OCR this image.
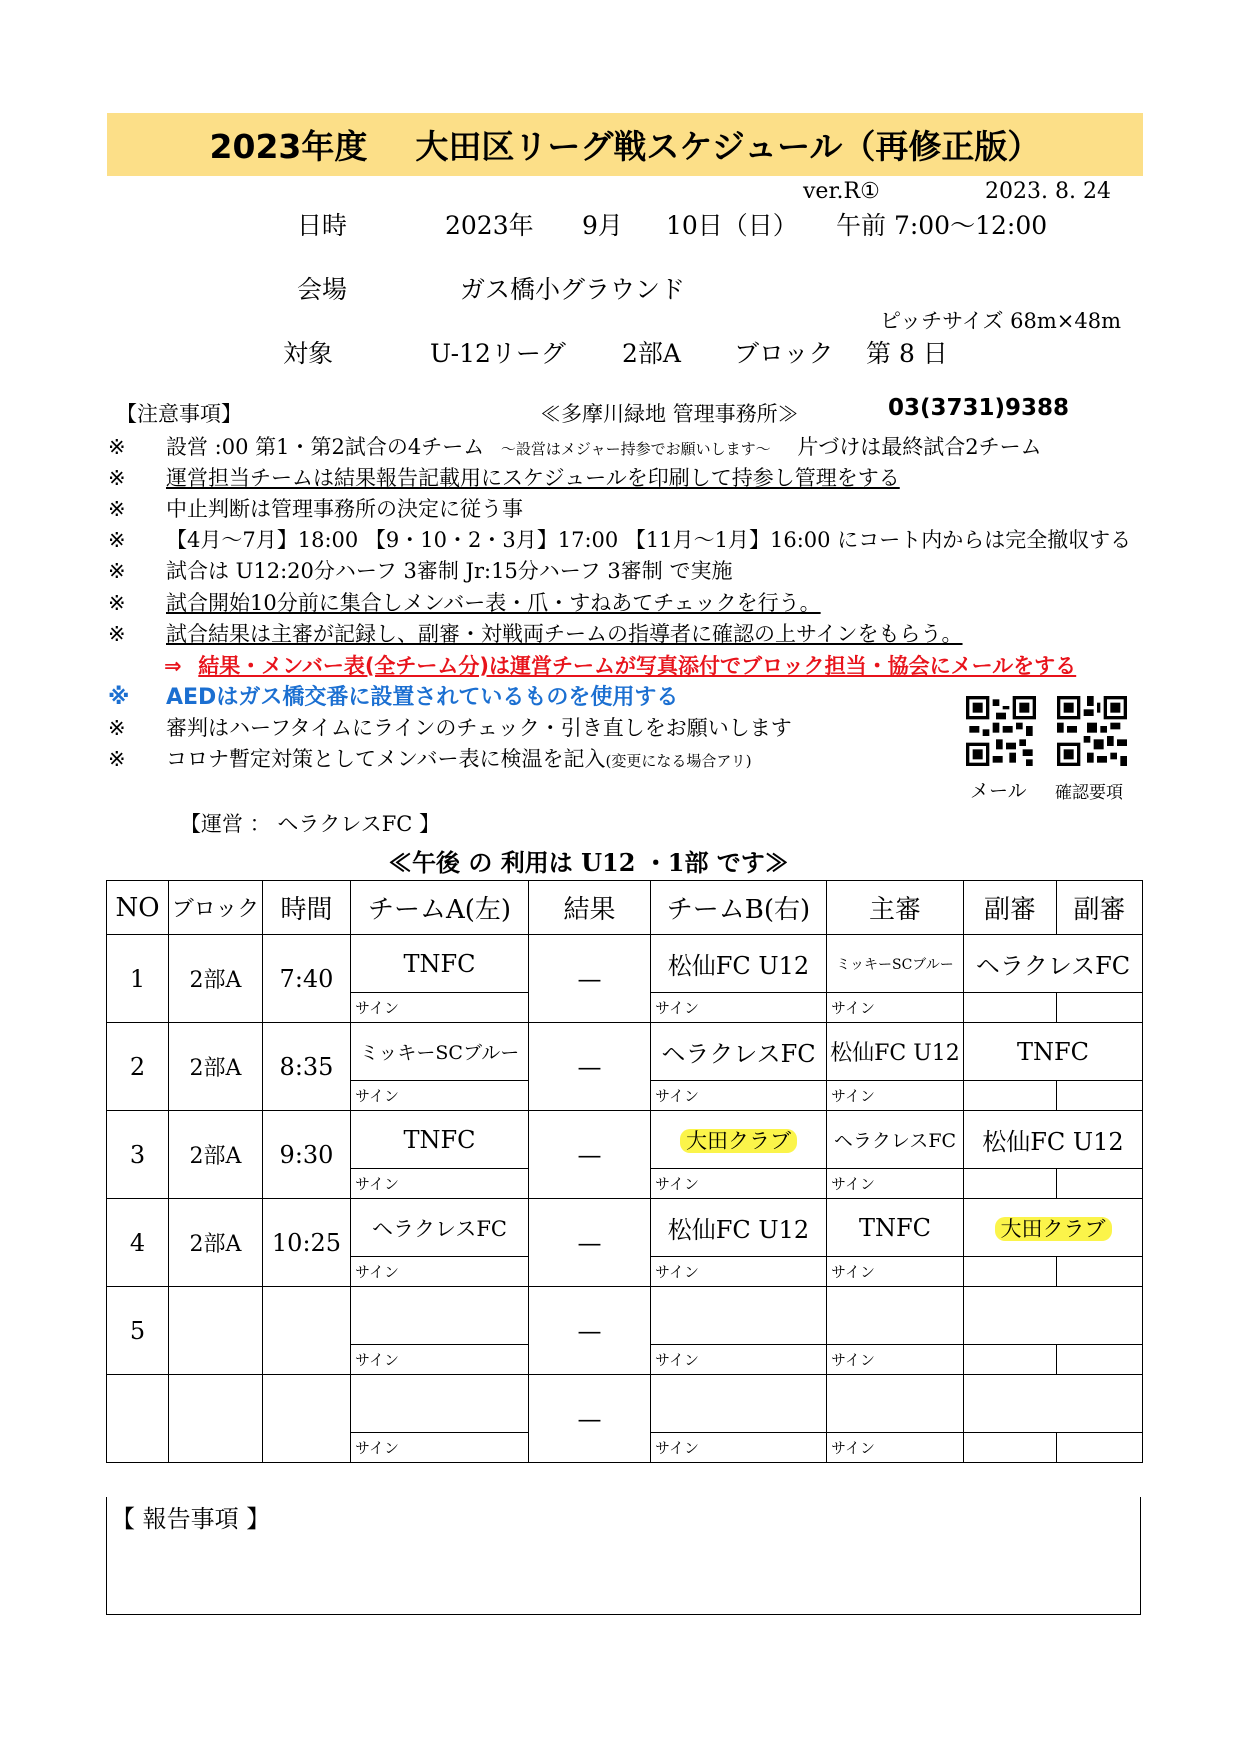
2023年度 大田区リーグ戦スケジュール（再修正版）
ver.R①	2023. 8. 24
日時	2023年 9月 10日（日） 午前 7:00～12:00
会場	ガス橋小グラウンド
ピッチサイズ 68m×48m
対象	U-12リーグ 2部A ブロック 第 8 日
【注意事項】	≪多摩川緑地 管理事務所≫	03(3731)9388
※ 設営 :00 第1・第2試合の4チーム ～設営はメジャー持参でお願いします～ 片づけは最終試合2チーム
※ 運営担当チームは結果報告記載用にスケジュールを印刷して持参し管理をする
※ 中止判断は管理事務所の決定に従う事
※ 【4月～7月】18:00 【9・10・2・3月】17:00 【11月～1月】16:00 にコート内からは完全撤収する
※ 試合は U12:20分ハーフ 3審制 Jr:15分ハーフ 3審制 で実施
※ 試合開始10分前に集合しメンバー表・爪・すねあてチェックを行う。
※ 試合結果は主審が記録し、副審・対戦両チームの指導者に確認の上サインをもらう。
⇒ 結果・メンバー表(全チーム分)は運営チームが写真添付でブロック担当・協会にメールをする
※ AEDはガス橋交番に設置されているものを使用する
※ 審判はハーフタイムにラインのチェック・引き直しをお願いします
※ コロナ暫定対策としてメンバー表に検温を記入(変更になる場合アリ)
メール 確認要項
【運営 ： ヘラクレスFC 】
≪午後 の 利用は U12 ・1部 です≫
NO	ブロック	時間	チームA(左)	結果	チームB(右)	主審	副審	副審
1	2部A	7:40	TNFC	—	松仙FC U12	ミッキーSCブルー	ヘラクレスFC	
			サイン		サイン	サイン		
2	2部A	8:35	ミッキーSCブルー	—	ヘラクレスFC	松仙FC U12	TNFC	
			サイン		サイン	サイン		
3	2部A	9:30	TNFC	—	大田クラブ	ヘラクレスFC	松仙FC U12	
			サイン		サイン	サイン		
4	2部A	10:25	ヘラクレスFC	—	松仙FC U12	TNFC	大田クラブ	
			サイン		サイン	サイン		
5				—				
			サイン		サイン	サイン		
				—				
			サイン		サイン	サイン		
【 報告事項 】
